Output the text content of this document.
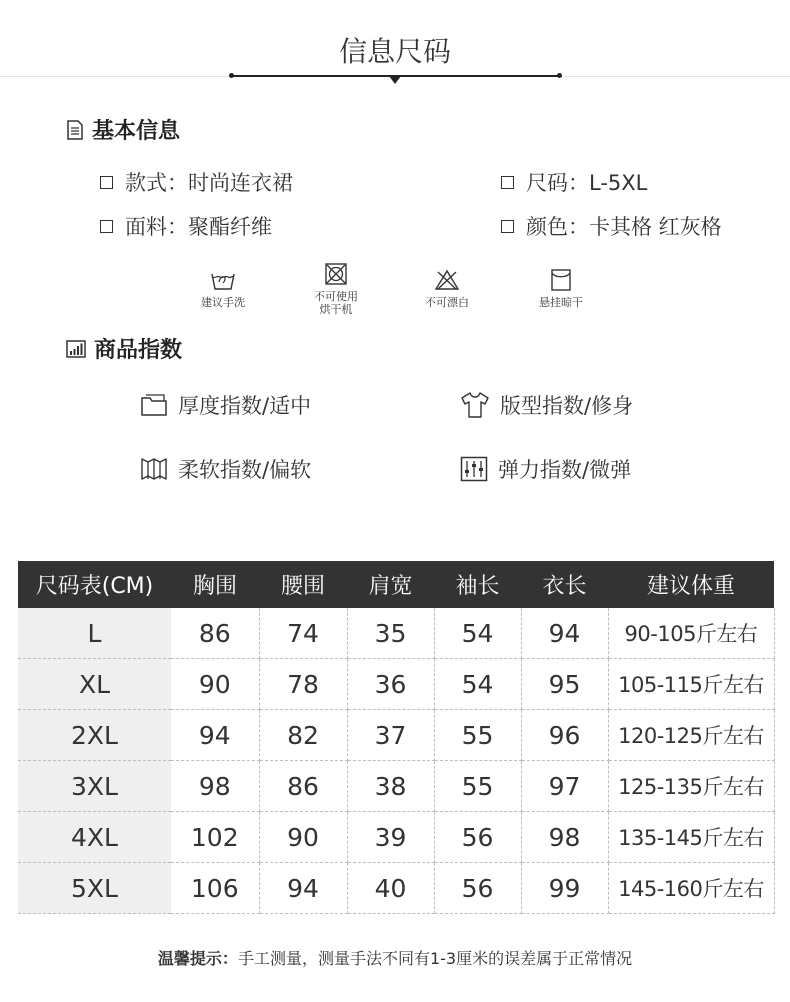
信息尺码
基本信息
款式：时尚连衣裙	尺码：L-5XL
面料：聚酯纤维	颜色：卡其格 红灰格
建议手洗	不可使用烘干机
不可漂白	悬挂晾干
商品指数
厚度指数/适中	版型指数/修身
柔软指数/偏软	弹力指数/微弹
尺码表(CM)	胸围	腰围	肩宽	袖长	衣长	建议体重
L	86	74	35	54	94	90-105斤左右
XL	90	78	36	54	95	105-115斤左右
2XL	94	82	37	55	96	120-125斤左右
3XL	98	86	38	55	97	125-135斤左右
4XL	102	90	39	56	98	135-145斤左右
5XL	106	94	40	56	99	145-160斤左右
温馨提示：手工测量，测量手法不同有1-3厘米的误差属于正常情况
